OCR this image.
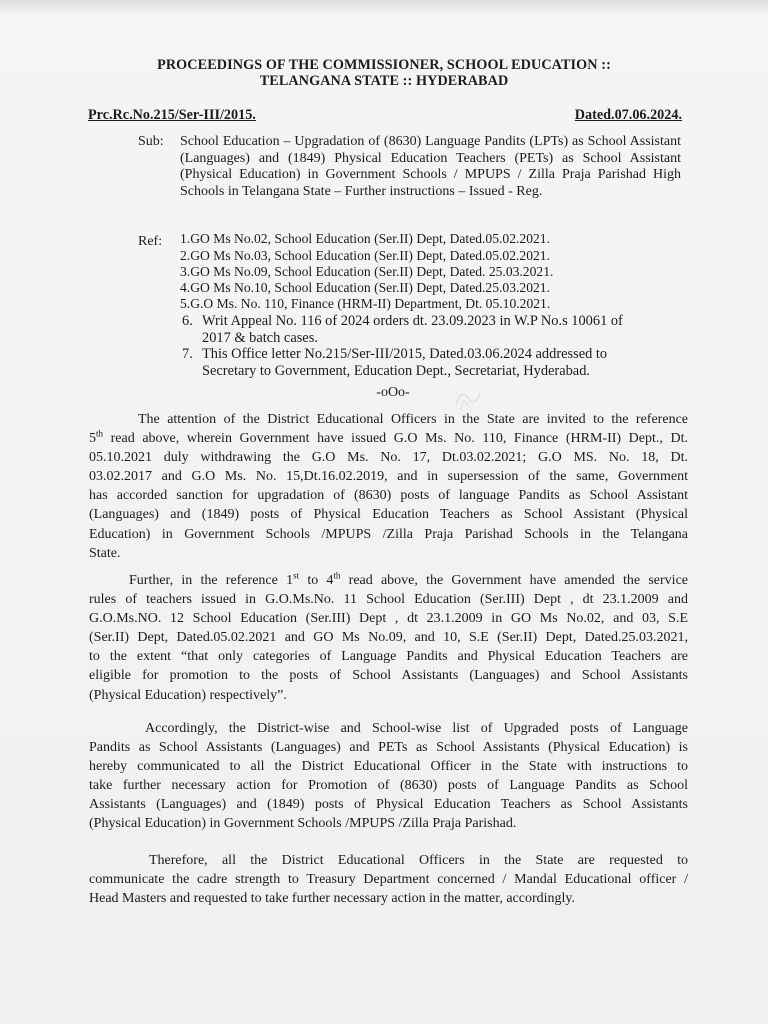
PROCEEDINGS OF THE COMMISSIONER, SCHOOL EDUCATION ::
TELANGANA STATE :: HYDERABAD
Prc.Rc.No.215/Ser-III/2015.	Dated.07.06.2024.
Sub: School Education – Upgradation of (8630) Language Pandits (LPTs) as School Assistant (Languages) and (1849) Physical Education Teachers (PETs) as School Assistant (Physical Education) in Government Schools / MPUPS / Zilla Praja Parishad High Schools in Telangana State – Further instructions – Issued - Reg.
Ref: 1.GO Ms No.02, School Education (Ser.II) Dept, Dated.05.02.2021.
2.GO Ms No.03, School Education (Ser.II) Dept, Dated.05.02.2021.
3.GO Ms No.09, School Education (Ser.II) Dept, Dated. 25.03.2021.
4.GO Ms No.10, School Education (Ser.II) Dept, Dated.25.03.2021.
5.G.O Ms. No. 110, Finance (HRM-II) Department, Dt. 05.10.2021.
6. Writ Appeal No. 116 of 2024 orders dt. 23.09.2023 in W.P No.s 10061 of
2017 & batch cases.
7. This Office letter No.215/Ser-III/2015, Dated.03.06.2024 addressed to
Secretary to Government, Education Dept., Secretariat, Hyderabad.
-oOo-
The attention of the District Educational Officers in the State are invited to the reference
5th read above, wherein Government have issued G.O Ms. No. 110, Finance (HRM-II) Dept., Dt.
05.10.2021 duly withdrawing the G.O Ms. No. 17, Dt.03.02.2021; G.O MS. No. 18, Dt.
03.02.2017 and G.O Ms. No. 15,Dt.16.02.2019, and in supersession of the same, Government
has accorded sanction for upgradation of (8630) posts of language Pandits as School Assistant
(Languages) and (1849) posts of Physical Education Teachers as School Assistant (Physical
Education) in Government Schools /MPUPS /Zilla Praja Parishad Schools in the Telangana
State.
Further, in the reference 1st to 4th read above, the Government have amended the service
rules of teachers issued in G.O.Ms.No. 11 School Education (Ser.III) Dept , dt 23.1.2009 and
G.O.Ms.NO. 12 School Education (Ser.III) Dept , dt 23.1.2009 in GO Ms No.02, and 03, S.E
(Ser.II) Dept, Dated.05.02.2021 and GO Ms No.09, and 10, S.E (Ser.II) Dept, Dated.25.03.2021,
to the extent “that only categories of Language Pandits and Physical Education Teachers are
eligible for promotion to the posts of School Assistants (Languages) and School Assistants
(Physical Education) respectively”.
Accordingly, the District-wise and School-wise list of Upgraded posts of Language
Pandits as School Assistants (Languages) and PETs as School Assistants (Physical Education) is
hereby communicated to all the District Educational Officer in the State with instructions to
take further necessary action for Promotion of (8630) posts of Language Pandits as School
Assistants (Languages) and (1849) posts of Physical Education Teachers as School Assistants
(Physical Education) in Government Schools /MPUPS /Zilla Praja Parishad.
Therefore, all the District Educational Officers in the State are requested to
communicate the cadre strength to Treasury Department concerned / Mandal Educational officer /
Head Masters and requested to take further necessary action in the matter, accordingly.
